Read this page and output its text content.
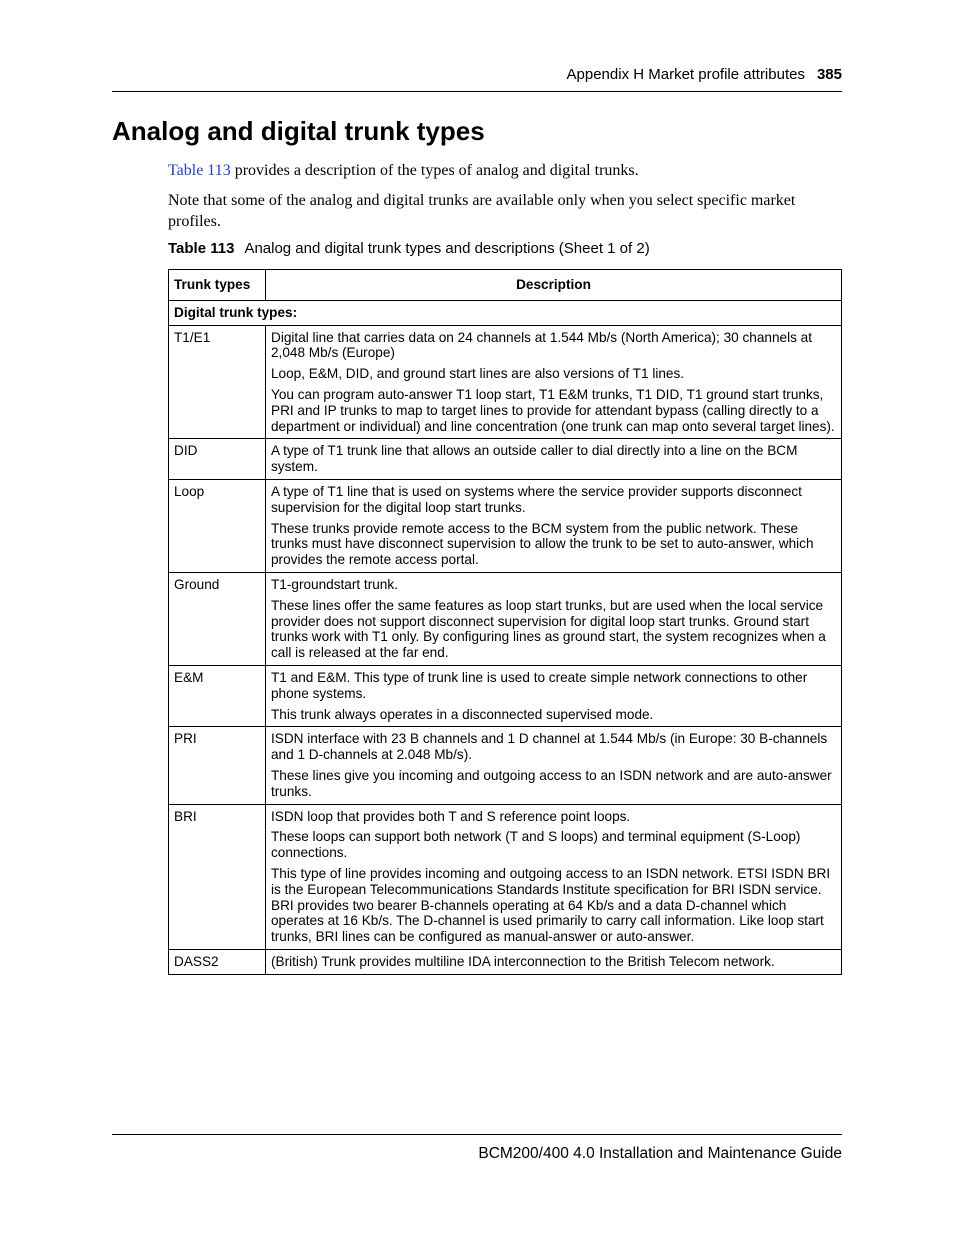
Appendix H Market profile attributes 385
Analog and digital trunk types

Table 113 provides a description of the types of analog and digital trunks.

Note that some of the analog and digital trunks are available only when you select specific market profiles.

Table 113 Analog and digital trunk types and descriptions (Sheet 1 of 2)
Trunk types	Description
Digital trunk types:	
T1/E1	Digital line that carries data on 24 channels at 1.544 Mb/s (North America); 30 channels at 2,048 Mb/s (Europe)

Loop, E&M, DID, and ground start lines are also versions of T1 lines.

You can program auto-answer T1 loop start, T1 E&M trunks, T1 DID, T1 ground start trunks, PRI and IP trunks to map to target lines to provide for attendant bypass (calling directly to a department or individual) and line concentration (one trunk can map onto several target lines).

DID	A type of T1 trunk line that allows an outside caller to dial directly into a line on the BCM system.

Loop	A type of T1 line that is used on systems where the service provider supports disconnect supervision for the digital loop start trunks.

These trunks provide remote access to the BCM system from the public network. These trunks must have disconnect supervision to allow the trunk to be set to auto-answer, which provides the remote access portal.

Ground	T1-groundstart trunk.

These lines offer the same features as loop start trunks, but are used when the local service provider does not support disconnect supervision for digital loop start trunks. Ground start trunks work with T1 only. By configuring lines as ground start, the system recognizes when a call is released at the far end.

E&M	T1 and E&M. This type of trunk line is used to create simple network connections to other phone systems.

This trunk always operates in a disconnected supervised mode.

PRI	ISDN interface with 23 B channels and 1 D channel at 1.544 Mb/s (in Europe: 30 B-channels and 1 D-channels at 2.048 Mb/s).

These lines give you incoming and outgoing access to an ISDN network and are auto-answer trunks.

BRI	ISDN loop that provides both T and S reference point loops.

These loops can support both network (T and S loops) and terminal equipment (S-Loop) connections.

This type of line provides incoming and outgoing access to an ISDN network. ETSI ISDN BRI is the European Telecommunications Standards Institute specification for BRI ISDN service. BRI provides two bearer B-channels operating at 64 Kb/s and a data D-channel which operates at 16 Kb/s. The D-channel is used primarily to carry call information. Like loop start trunks, BRI lines can be configured as manual-answer or auto-answer.

DASS2	(British) Trunk provides multiline IDA interconnection to the British Telecom network.

BCM200/400 4.0 Installation and Maintenance Guide
